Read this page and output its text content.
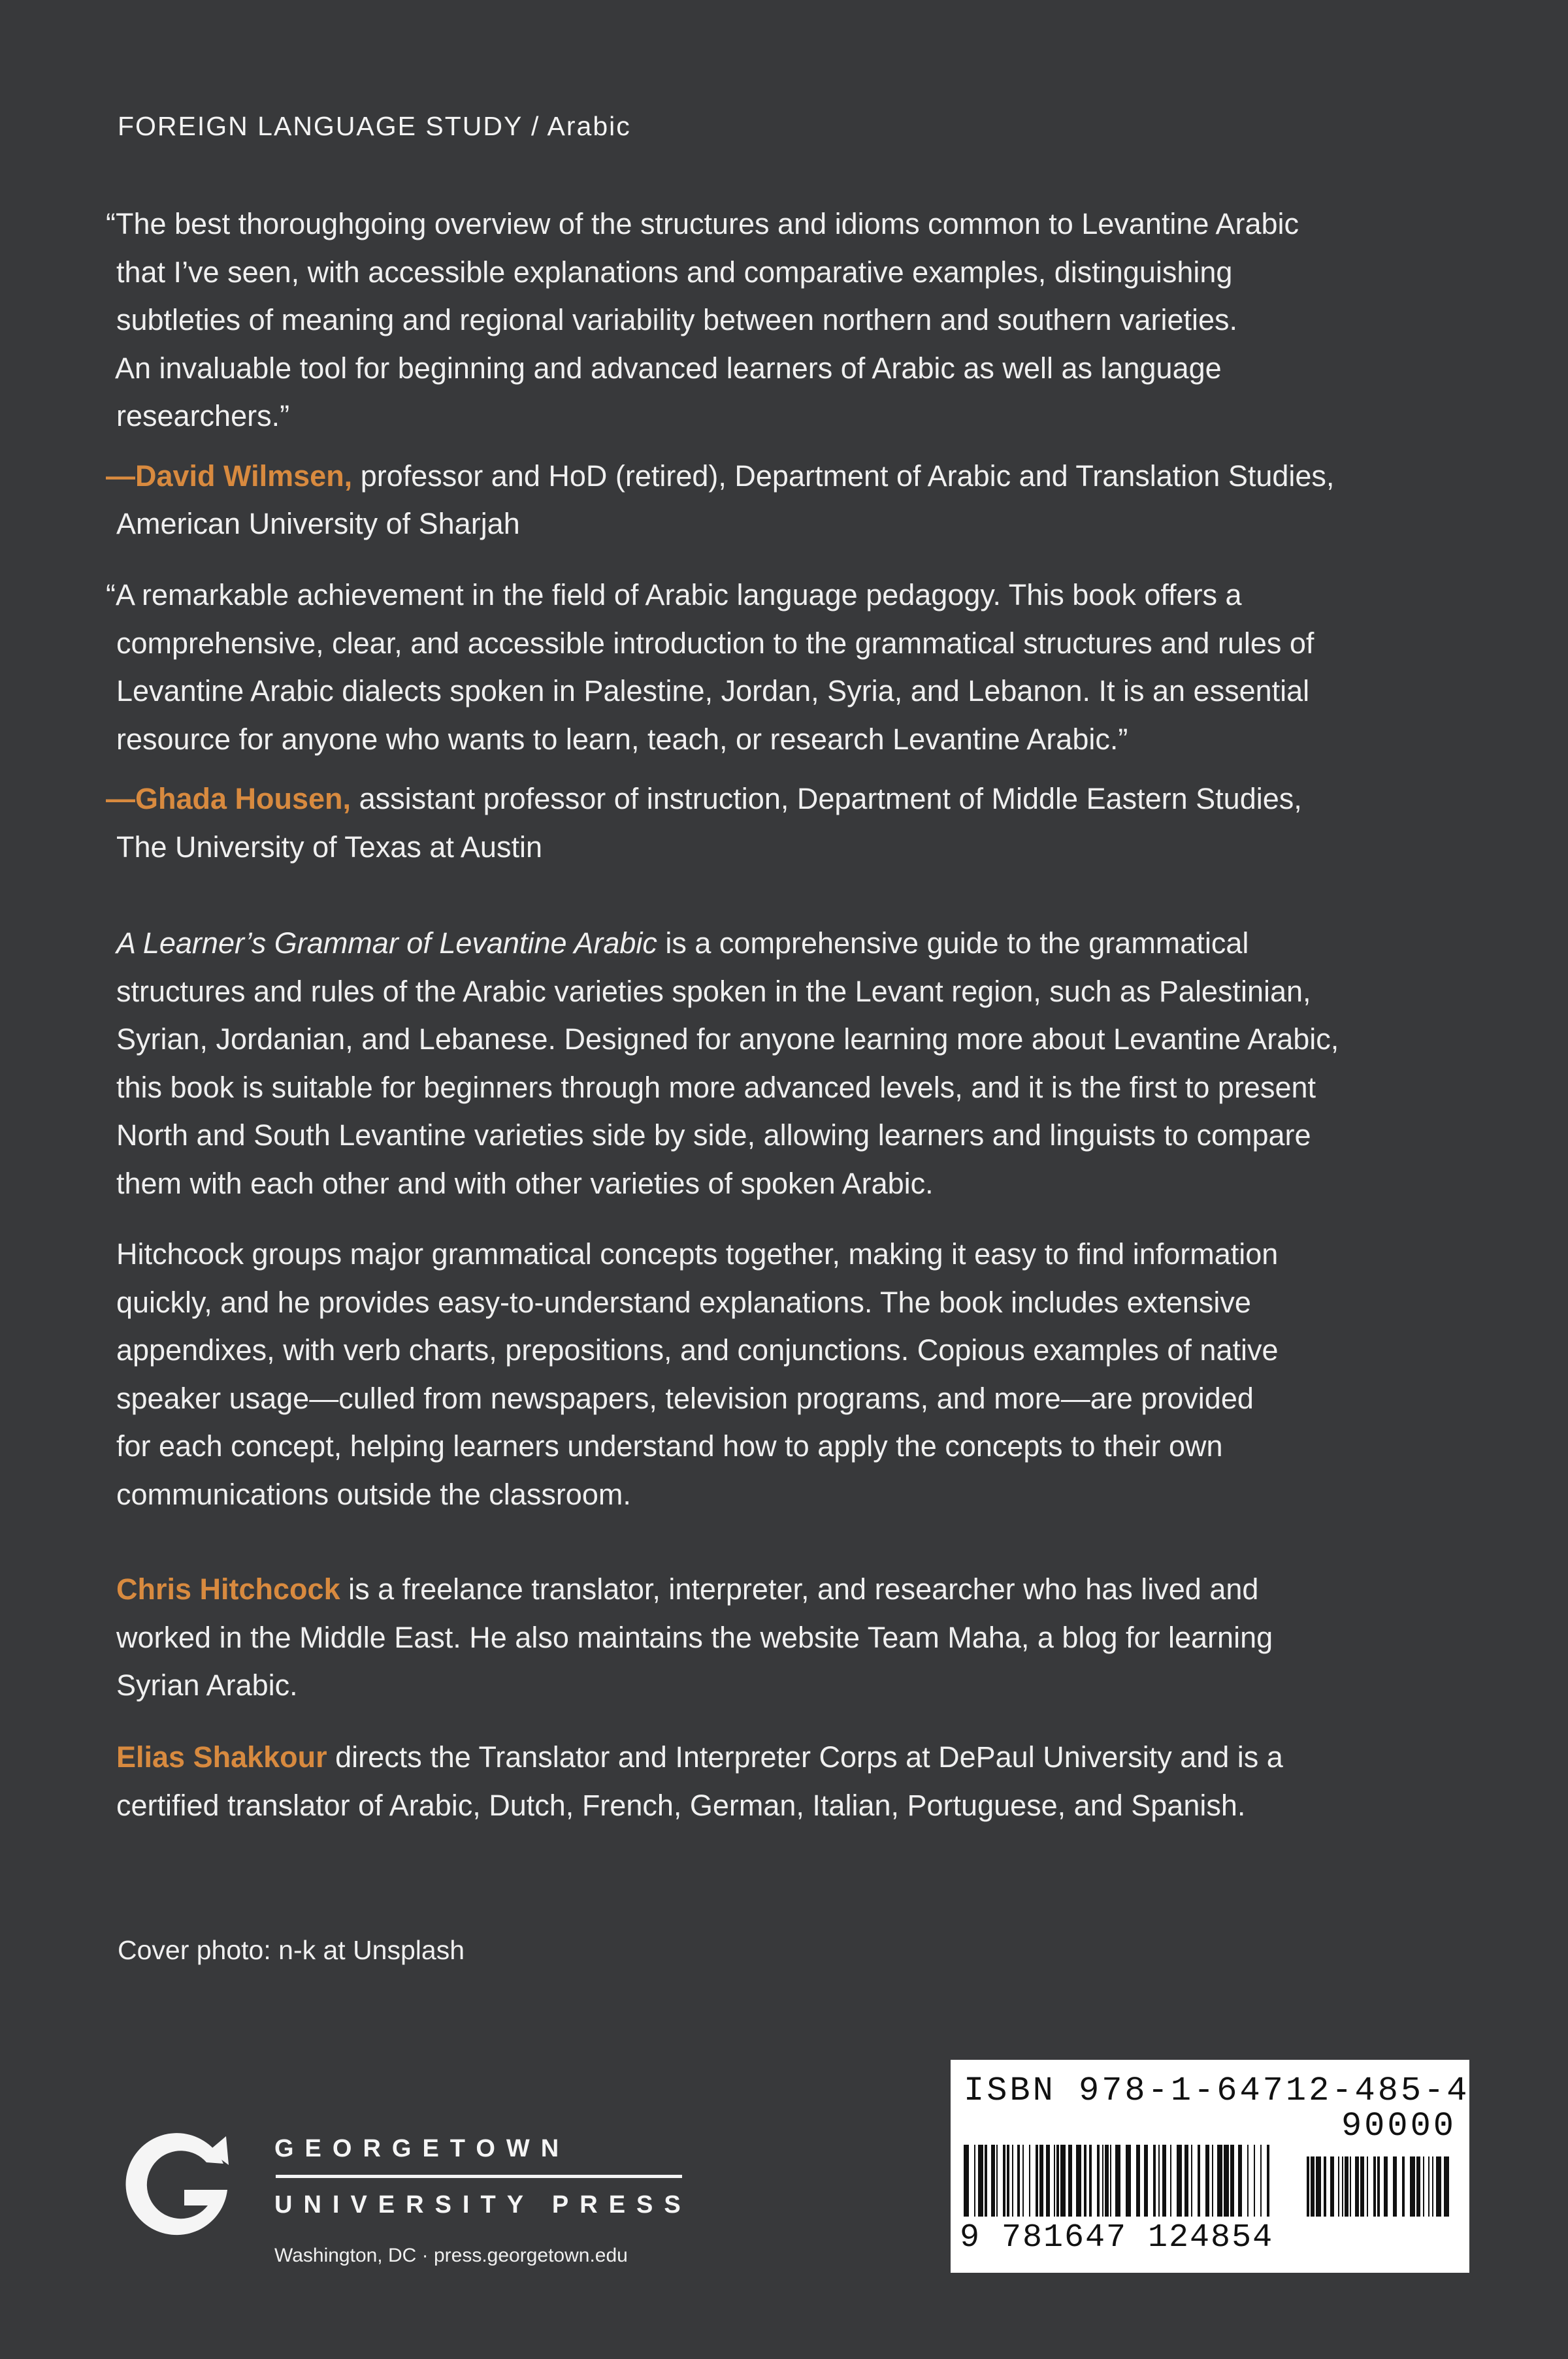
FOREIGN LANGUAGE STUDY / Arabic

“The best thoroughgoing overview of the structures and idioms common to Levantine Arabic

that I’ve seen, with accessible explanations and comparative examples, distinguishing

subtleties of meaning and regional variability between northern and southern varieties.

An invaluable tool for beginning and advanced learners of Arabic as well as language

researchers.”

—David Wilmsen, professor and HoD (retired), Department of Arabic and Translation Studies,

American University of Sharjah

“A remarkable achievement in the field of Arabic language pedagogy. This book offers a

comprehensive, clear, and accessible introduction to the grammatical structures and rules of

Levantine Arabic dialects spoken in Palestine, Jordan, Syria, and Lebanon. It is an essential

resource for anyone who wants to learn, teach, or research Levantine Arabic.”

—Ghada Housen, assistant professor of instruction, Department of Middle Eastern Studies,

The University of Texas at Austin

A Learner’s Grammar of Levantine Arabic is a comprehensive guide to the grammatical

structures and rules of the Arabic varieties spoken in the Levant region, such as Palestinian,

Syrian, Jordanian, and Lebanese. Designed for anyone learning more about Levantine Arabic,

this book is suitable for beginners through more advanced levels, and it is the first to present

North and South Levantine varieties side by side, allowing learners and linguists to compare

them with each other and with other varieties of spoken Arabic.

Hitchcock groups major grammatical concepts together, making it easy to find information

quickly, and he provides easy-to-understand explanations. The book includes extensive

appendixes, with verb charts, prepositions, and conjunctions. Copious examples of native

speaker usage—culled from newspapers, television programs, and more—are provided

for each concept, helping learners understand how to apply the concepts to their own

communications outside the classroom.

Chris Hitchcock is a freelance translator, interpreter, and researcher who has lived and

worked in the Middle East. He also maintains the website Team Maha, a blog for learning

Syrian Arabic.

Elias Shakkour directs the Translator and Interpreter Corps at DePaul University and is a

certified translator of Arabic, Dutch, French, German, Italian, Portuguese, and Spanish.

Cover photo: n-k at Unsplash
GEORGETOWN
UNIVERSITY PRESS
Washington, DC · press.georgetown.edu
ISBN 978-1-64712-485-4
90000
9 781647 124854
